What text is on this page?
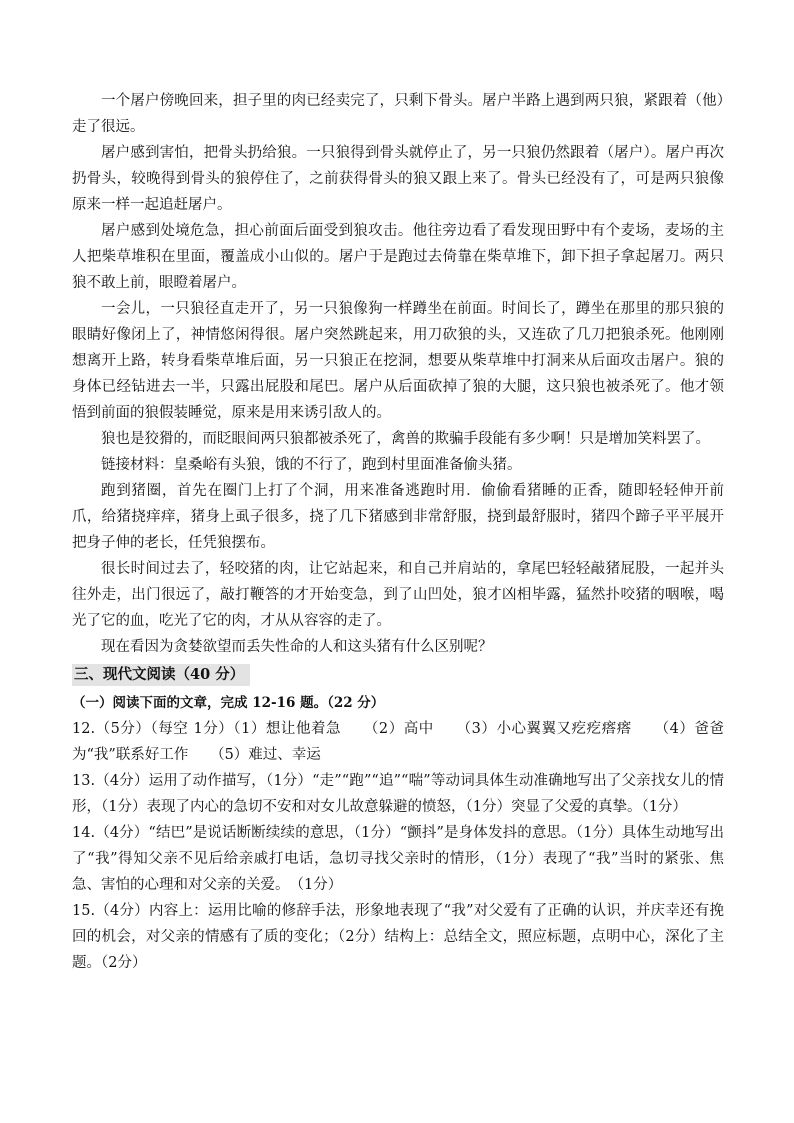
一个屠户傍晚回来，担子里的肉已经卖完了，只剩下骨头。屠户半路上遇到两只狼，紧跟着（他）走了很远。

屠户感到害怕，把骨头扔给狼。一只狼得到骨头就停止了，另一只狼仍然跟着（屠户）。屠户再次扔骨头，较晚得到骨头的狼停住了，之前获得骨头的狼又跟上来了。骨头已经没有了，可是两只狼像原来一样一起追赶屠户。

屠户感到处境危急，担心前面后面受到狼攻击。他往旁边看了看发现田野中有个麦场，麦场的主人把柴草堆积在里面，覆盖成小山似的。屠户于是跑过去倚靠在柴草堆下，卸下担子拿起屠刀。两只狼不敢上前，眼瞪着屠户。

一会儿，一只狼径直走开了，另一只狼像狗一样蹲坐在前面。时间长了，蹲坐在那里的那只狼的眼睛好像闭上了，神情悠闲得很。屠户突然跳起来，用刀砍狼的头，又连砍了几刀把狼杀死。他刚刚想离开上路，转身看柴草堆后面，另一只狼正在挖洞，想要从柴草堆中打洞来从后面攻击屠户。狼的身体已经钻进去一半，只露出屁股和尾巴。屠户从后面砍掉了狼的大腿，这只狼也被杀死了。他才领悟到前面的狼假装睡觉，原来是用来诱引敌人的。

狼也是狡猾的，而眨眼间两只狼都被杀死了，禽兽的欺骗手段能有多少啊！只是增加笑料罢了。

链接材料：皇桑峪有头狼，饿的不行了，跑到村里面准备偷头猪。

跑到猪圈，首先在圈门上打了个洞，用来准备逃跑时用．偷偷看猪睡的正香，随即轻轻伸开前爪，给猪挠痒痒，猪身上虱子很多，挠了几下猪感到非常舒服，挠到最舒服时，猪四个蹄子平平展开把身子伸的老长，任凭狼摆布。

很长时间过去了，轻咬猪的肉，让它站起来，和自己并肩站的，拿尾巴轻轻敲猪屁股，一起并头往外走，出门很远了，敲打鞭答的才开始变急，到了山凹处，狼才凶相毕露，猛然扑咬猪的咽喉，喝光了它的血，吃光了它的肉，才从从容容的走了。

现在看因为贪婪欲望而丢失性命的人和这头猪有什么区别呢？

三、现代文阅读（40 分）

（一）阅读下面的文章，完成 12-16 题。（22 分）

12.（5分）（每空 1分）（1）想让他着急　　（2）高中　　（3）小心翼翼又疙疙瘩瘩　　（4）爸爸为“我”联系好工作　　（5）难过、幸运

13.（4分）运用了动作描写，（1分）“走”“跑”“追”“喘”等动词具体生动准确地写出了父亲找女儿的情形，（1分）表现了内心的急切不安和对女儿故意躲避的愤怒，（1分）突显了父爱的真挚。（1分）

14.（4分）“结巴”是说话断断续续的意思，（1分）“颤抖”是身体发抖的意思。（1分）具体生动地写出了“我”得知父亲不见后给亲戚打电话，急切寻找父亲时的情形，（1分）表现了“我”当时的紧张、焦急、害怕的心理和对父亲的关爱。　（1分）

15.（4分）内容上：运用比喻的修辞手法，形象地表现了“我”对父爱有了正确的认识，并庆幸还有挽回的机会，对父亲的情感有了质的变化；（2分）结构上：总结全文，照应标题，点明中心，深化了主题。（2分）
